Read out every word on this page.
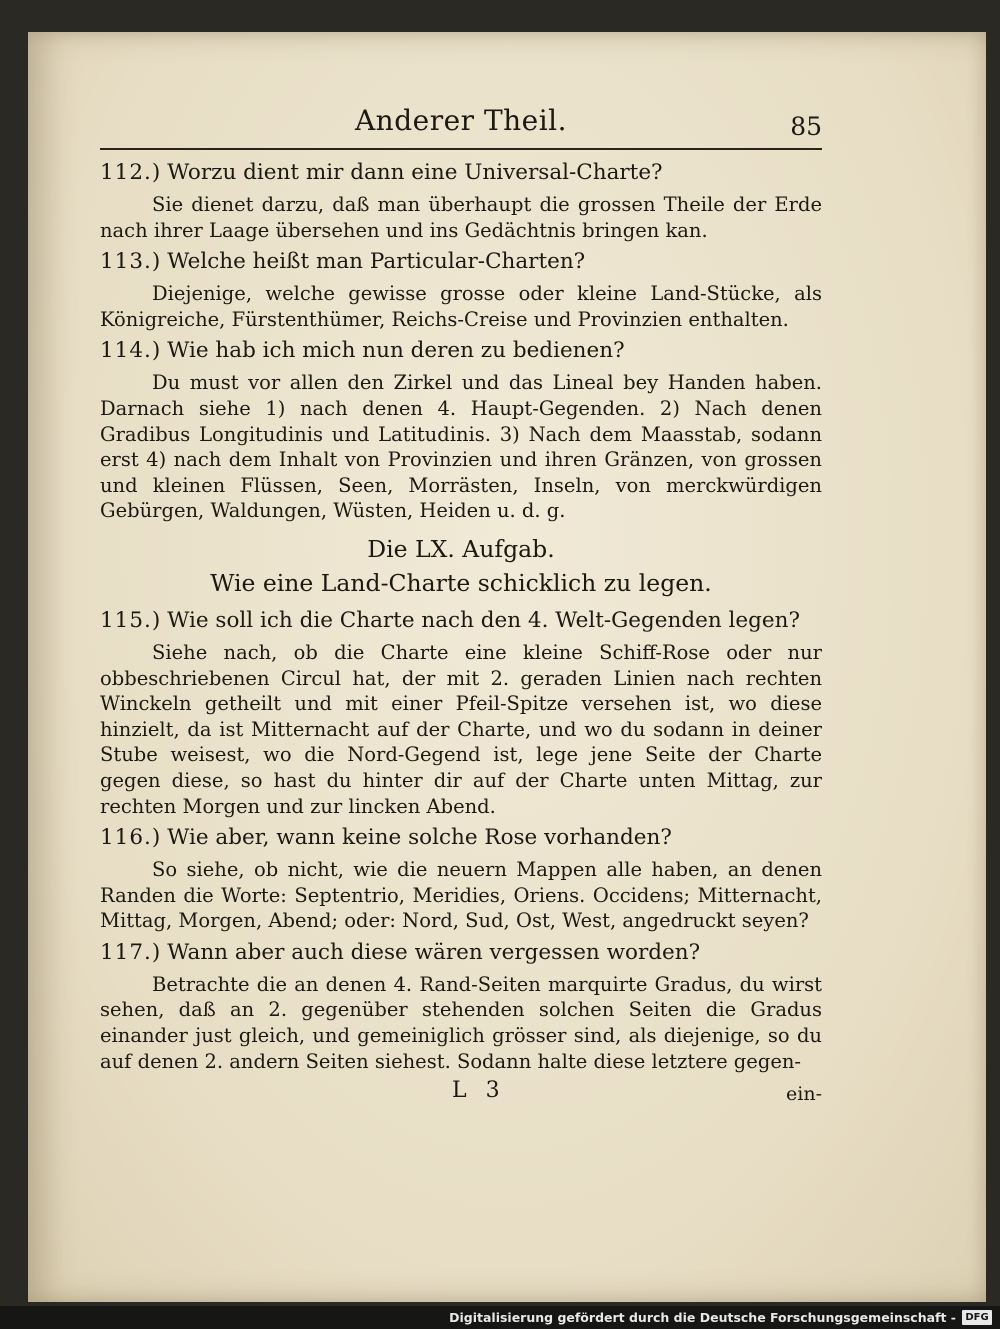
Anderer Theil.	85
112.) Worzu dient mir dann eine Universal-Charte?
Sie dienet darzu, daß man überhaupt die grossen Theile der Erde nach ihrer Laage übersehen und ins Gedächtnis bringen kan.
113.) Welche heißt man Particular-Charten?
Diejenige, welche gewisse grosse oder kleine Land-Stücke, als Königreiche, Fürstenthümer, Reichs-Creise und Provinzien enthalten.
114.) Wie hab ich mich nun deren zu bedienen?
Du must vor allen den Zirkel und das Lineal bey Handen haben. Darnach siehe 1) nach denen 4. Haupt-Gegenden. 2) Nach denen Gradibus Longitudinis und Latitudinis. 3) Nach dem Maasstab, sodann erst 4) nach dem Inhalt von Provinzien und ihren Gränzen, von grossen und kleinen Flüssen, Seen, Morrästen, Inseln, von merckwürdigen Gebürgen, Waldungen, Wüsten, Heiden u. d. g.
Die LX. Aufgab.
Wie eine Land-Charte schicklich zu legen.
115.) Wie soll ich die Charte nach den 4. Welt-Gegenden legen?
Siehe nach, ob die Charte eine kleine Schiff-Rose oder nur obbeschriebenen Circul hat, der mit 2. geraden Linien nach rechten Winckeln getheilt und mit einer Pfeil-Spitze versehen ist, wo diese hinzielt, da ist Mitternacht auf der Charte, und wo du sodann in deiner Stube weisest, wo die Nord-Gegend ist, lege jene Seite der Charte gegen diese, so hast du hinter dir auf der Charte unten Mittag, zur rechten Morgen und zur lincken Abend.
116.) Wie aber, wann keine solche Rose vorhanden?
So siehe, ob nicht, wie die neuern Mappen alle haben, an denen Randen die Worte: Septentrio, Meridies, Oriens. Occidens; Mitternacht, Mittag, Morgen, Abend; oder: Nord, Sud, Ost, West, angedruckt seyen?
117.) Wann aber auch diese wären vergessen worden?
Betrachte die an denen 4. Rand-Seiten marquirte Gradus, du wirst sehen, daß an 2. gegenüber stehenden solchen Seiten die Gradus einander just gleich, und gemeiniglich grösser sind, als diejenige, so du auf denen 2. andern Seiten siehest. Sodann halte diese letztere gegen-
L 3	ein-
Digitalisierung gefördert durch die Deutsche Forschungsgemeinschaft - DFG
